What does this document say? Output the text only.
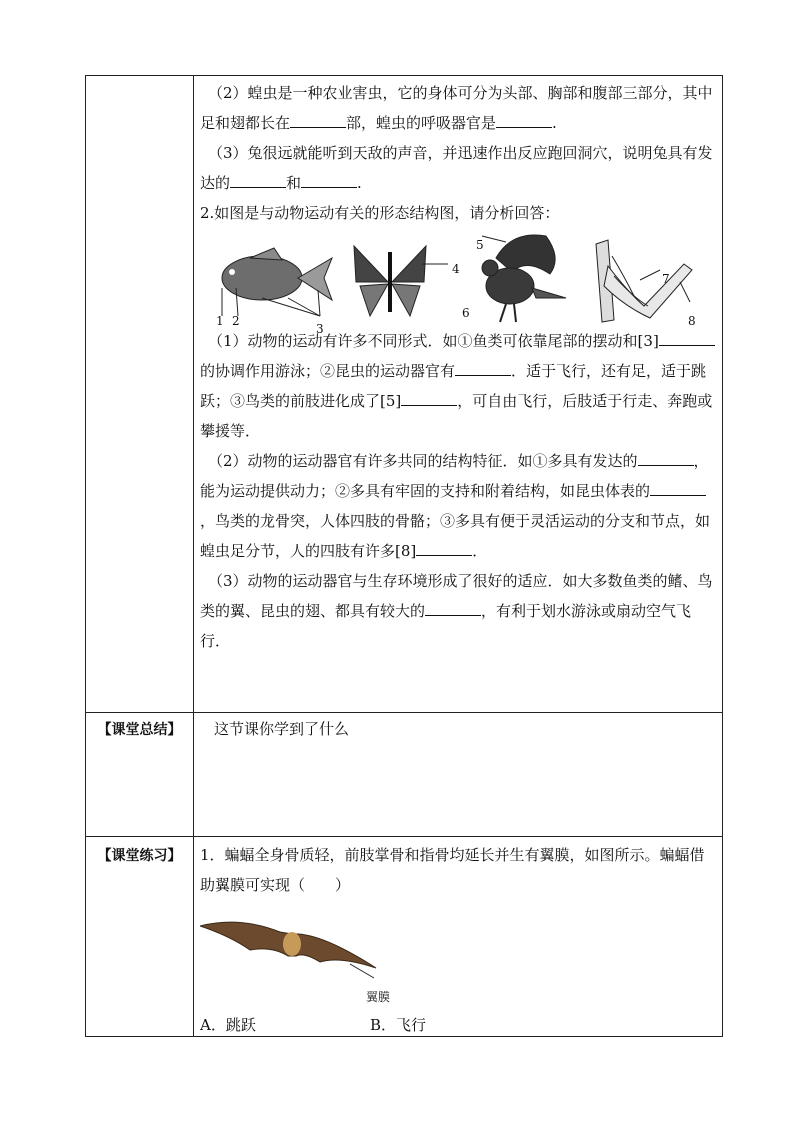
（2）蝗虫是一种农业害虫，它的身体可分为头部、胸部和腹部三部分，其中足和翅都长在	部，蝗虫的呼吸器官是	.

（3）兔很远就能听到天敌的声音，并迅速作出反应跑回洞穴，说明兔具有发达的	和	.

2.如图是与动物运动有关的形态结构图，请分析回答：

1 2
3
4
5
6
7
8

（1）动物的运动有许多不同形式．如①鱼类可依靠尾部的摆动和[3]的协调作用游泳；②昆虫的运动器官有	．适于飞行，还有足，适于跳跃；③鸟类的前肢进化成了[5]	，可自由飞行，后肢适于行走、奔跑或攀援等．

（2）动物的运动器官有许多共同的结构特征．如①多具有发达的	，能为运动提供动力；②多具有牢固的支持和附着结构，如昆虫体表的，鸟类的龙骨突，人体四肢的骨骼；③多具有便于灵活运动的分支和节点，如蝗虫足分节，人的四肢有许多[8]	．

（3）动物的运动器官与生存环境形成了很好的适应．如大多数鱼类的鳍、鸟类的翼、昆虫的翅、都具有较大的	，有利于划水游泳或扇动空气飞行．

【课堂总结】	这节课你学到了什么
【课堂练习】	1．蝙蝠全身骨质轻，前肢掌骨和指骨均延长并生有翼膜，如图所示。蝙蝠借助翼膜可实现（　　）

翼膜

A．跳跃	B．飞行
